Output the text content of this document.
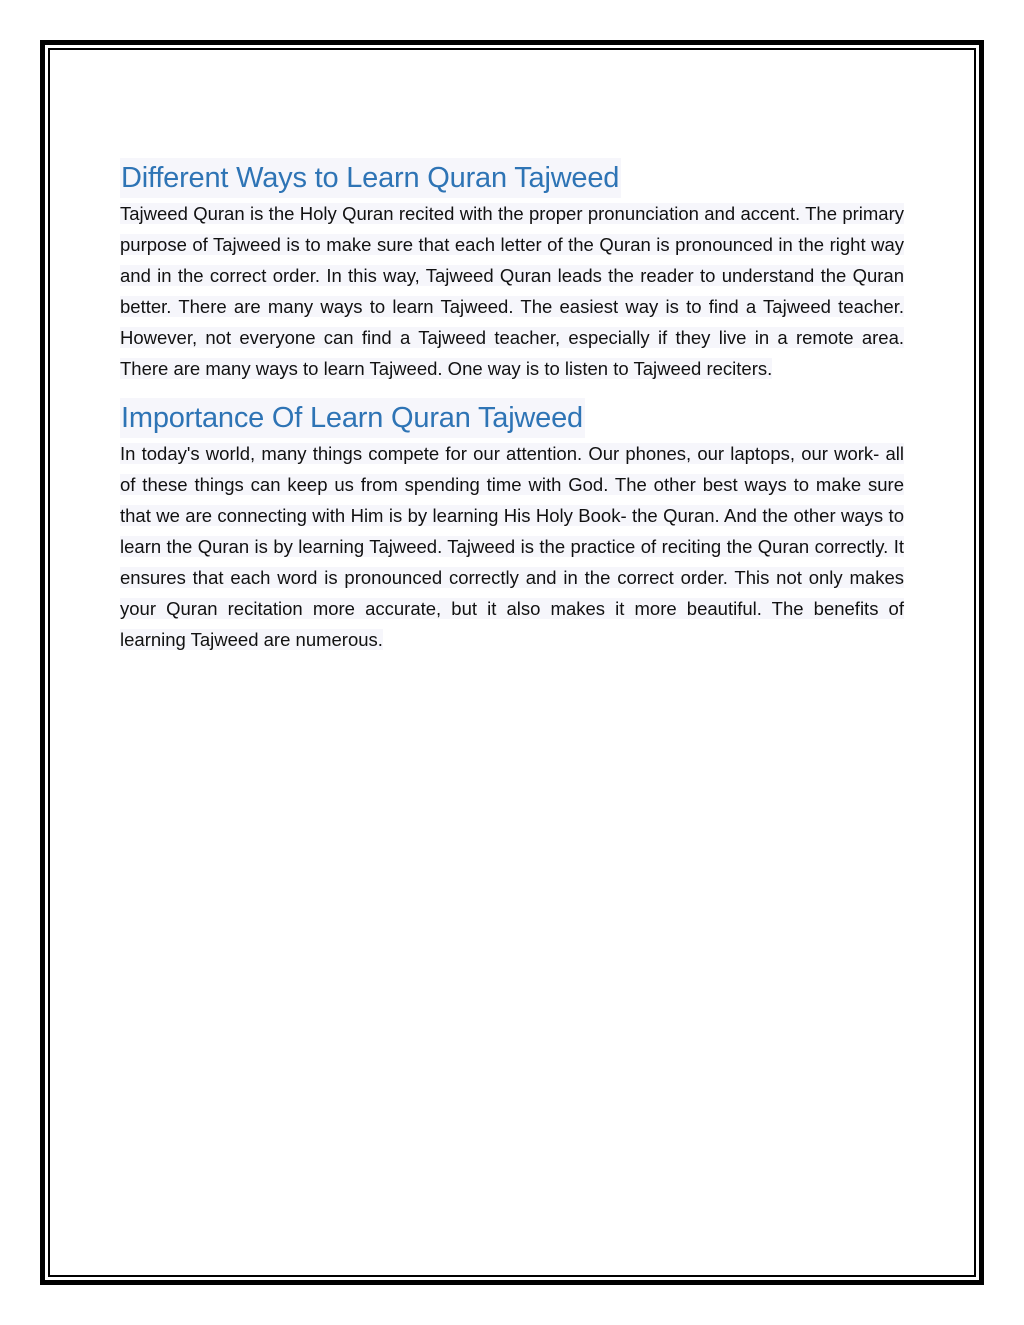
Different Ways to Learn Quran Tajweed

Tajweed Quran is the Holy Quran recited with the proper pronunciation and accent. The primary purpose of Tajweed is to make sure that each letter of the Quran is pronounced in the right way and in the correct order. In this way, Tajweed Quran leads the reader to understand the Quran better. There are many ways to learn Tajweed. The easiest way is to find a Tajweed teacher. However, not everyone can find a Tajweed teacher, especially if they live in a remote area. There are many ways to learn Tajweed. One way is to listen to Tajweed reciters.

Importance Of Learn Quran Tajweed

In today's world, many things compete for our attention. Our phones, our laptops, our work- all of these things can keep us from spending time with God. The other best ways to make sure that we are connecting with Him is by learning His Holy Book- the Quran. And the other ways to learn the Quran is by learning Tajweed. Tajweed is the practice of reciting the Quran correctly. It ensures that each word is pronounced correctly and in the correct order. This not only makes your Quran recitation more accurate, but it also makes it more beautiful. The benefits of learning Tajweed are numerous.
